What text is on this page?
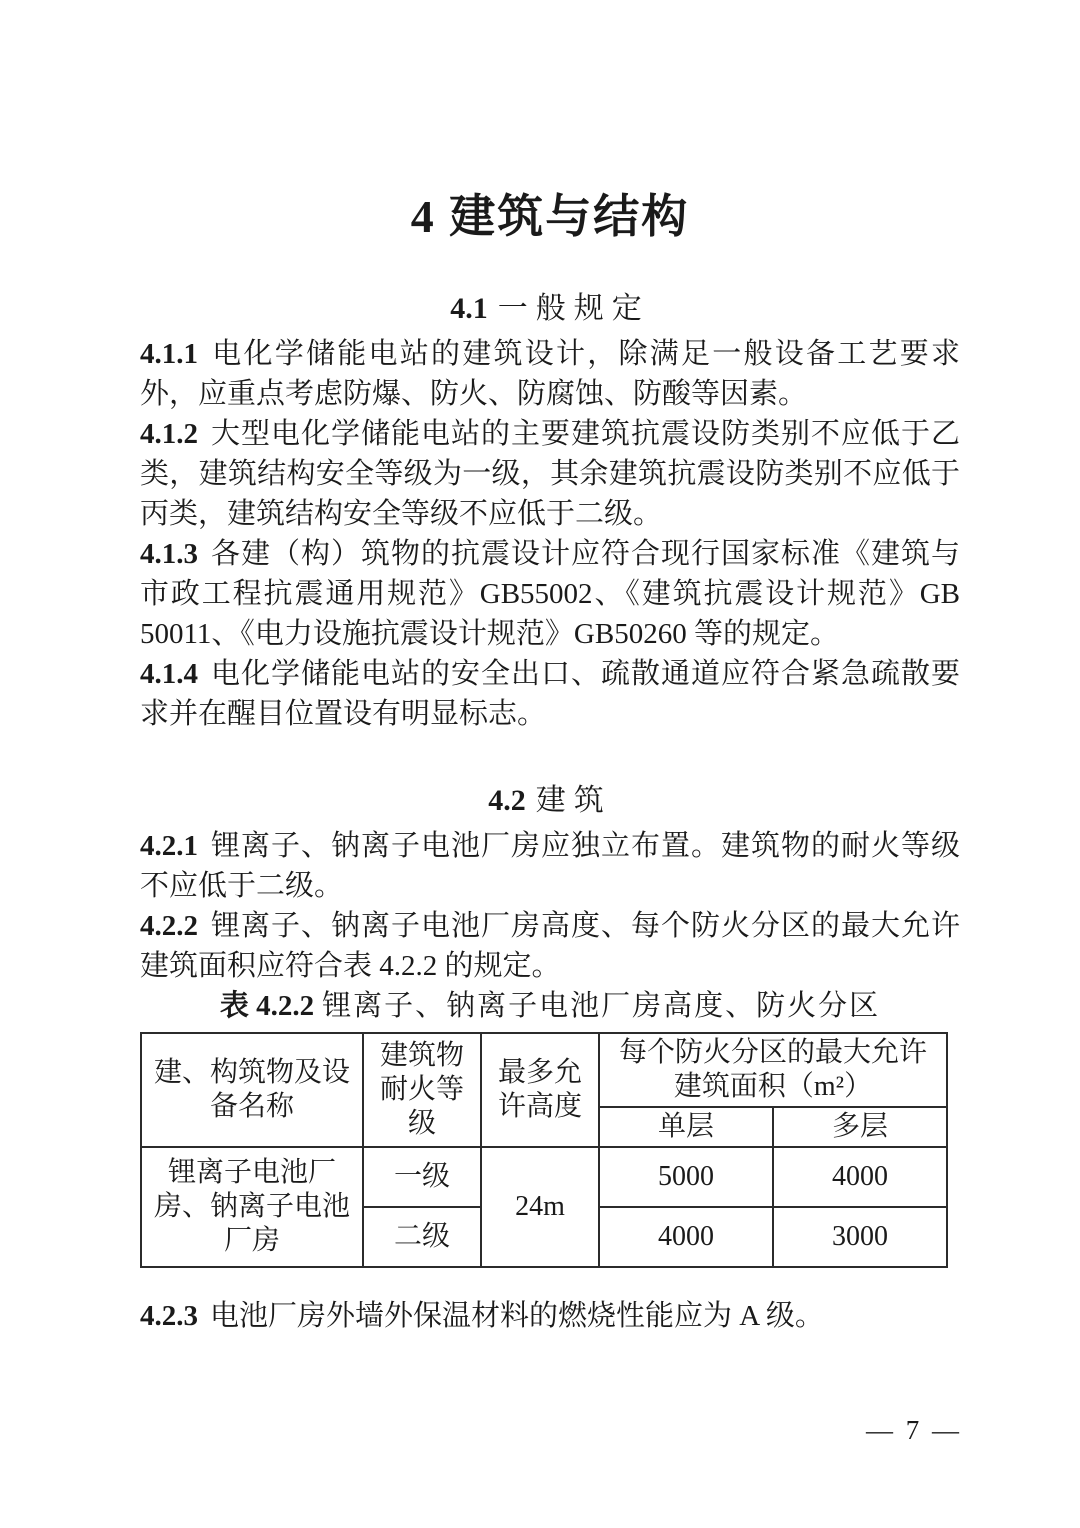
4 建筑与结构
4.1 一般规定

4.1.1 电化学储能电站的建筑设计，除满足一般设备工艺要求外，应重点考虑防爆、防火、防腐蚀、防酸等因素。

4.1.2 大型电化学储能电站的主要建筑抗震设防类别不应低于乙类，建筑结构安全等级为一级，其余建筑抗震设防类别不应低于丙类，建筑结构安全等级不应低于二级。

4.1.3 各建（构）筑物的抗震设计应符合现行国家标准《建筑与市政工程抗震通用规范》GB55002、《建筑抗震设计规范》GB 50011、《电力设施抗震设计规范》GB50260 等的规定。

4.1.4 电化学储能电站的安全出口、疏散通道应符合紧急疏散要求并在醒目位置设有明显标志。

4.2 建筑

4.2.1 锂离子、钠离子电池厂房应独立布置。建筑物的耐火等级不应低于二级。

4.2.2 锂离子、钠离子电池厂房高度、每个防火分区的最大允许建筑面积应符合表 4.2.2 的规定。

表 4.2.2 锂离子、钠离子电池厂房高度、防火分区
建、构筑物及设备名称	建筑物耐火等级	最多允许高度	每个防火分区的最大允许建筑面积（m²）	
			单层	多层
锂离子电池厂房、钠离子电池厂房	一级	24m	5000	4000
	二级		4000	3000

4.2.3 电池厂房外墙外保温材料的燃烧性能应为 A 级。

— 7 —
